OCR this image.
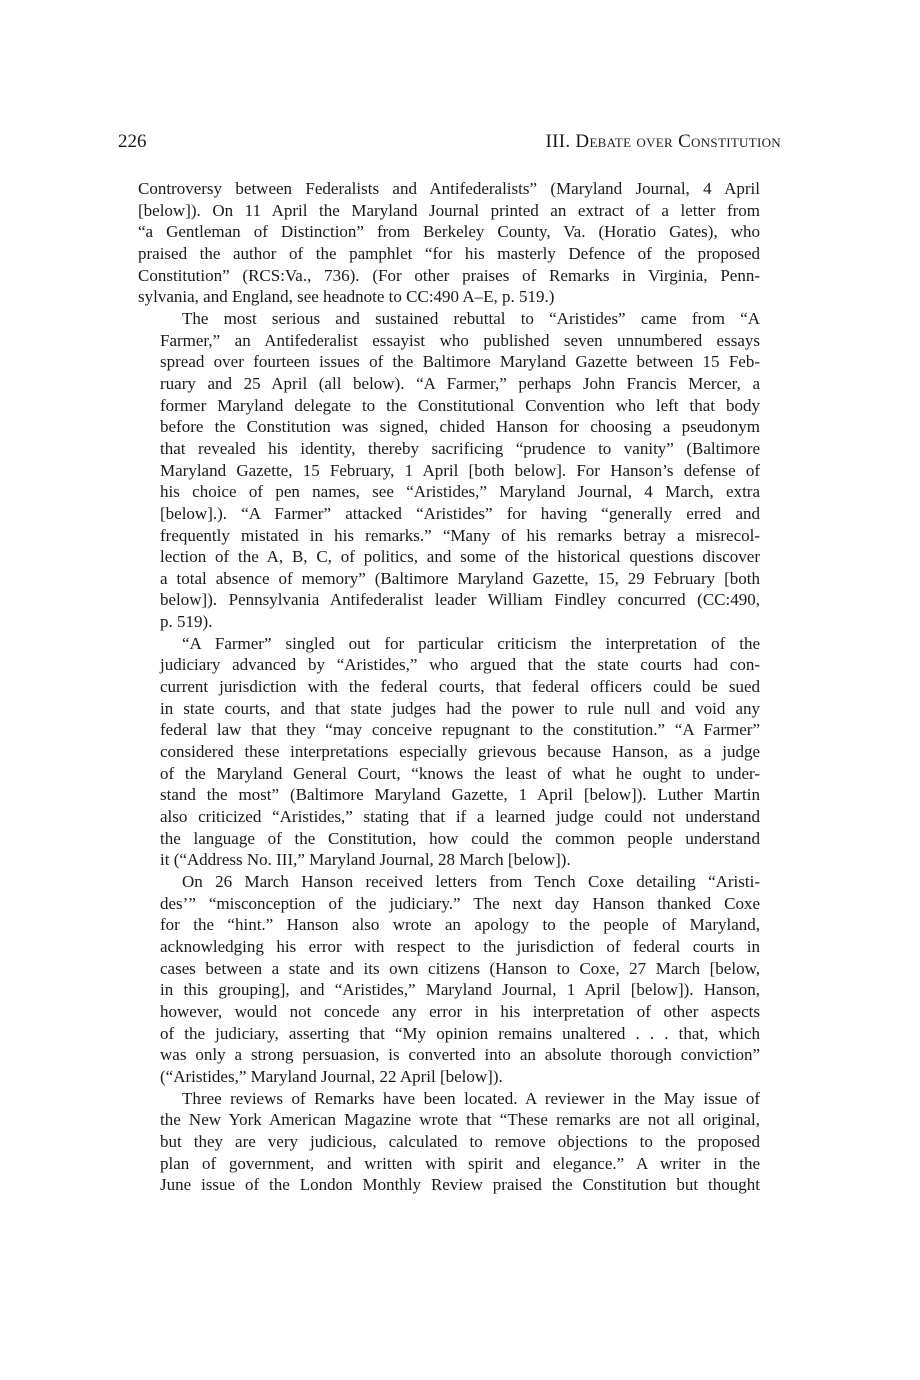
226	III. Debate over Constitution
Controversy between Federalists and Antifederalists” (Maryland Journal, 4 April
[below]). On 11 April the Maryland Journal printed an extract of a letter from
“a Gentleman of Distinction” from Berkeley County, Va. (Horatio Gates), who
praised the author of the pamphlet “for his masterly Defence of the proposed
Constitution” (RCS:Va., 736). (For other praises of Remarks in Virginia, Penn-
sylvania, and England, see headnote to CC:490 A–E, p. 519.)
The most serious and sustained rebuttal to “Aristides” came from “A
Farmer,” an Antifederalist essayist who published seven unnumbered essays
spread over fourteen issues of the Baltimore Maryland Gazette between 15 Feb-
ruary and 25 April (all below). “A Farmer,” perhaps John Francis Mercer, a
former Maryland delegate to the Constitutional Convention who left that body
before the Constitution was signed, chided Hanson for choosing a pseudonym
that revealed his identity, thereby sacrificing “prudence to vanity” (Baltimore
Maryland Gazette, 15 February, 1 April [both below]. For Hanson’s defense of
his choice of pen names, see “Aristides,” Maryland Journal, 4 March, extra
[below].). “A Farmer” attacked “Aristides” for having “generally erred and
frequently mistated in his remarks.” “Many of his remarks betray a misrecol-
lection of the A, B, C, of politics, and some of the historical questions discover
a total absence of memory” (Baltimore Maryland Gazette, 15, 29 February [both
below]). Pennsylvania Antifederalist leader William Findley concurred (CC:490,
p. 519).
“A Farmer” singled out for particular criticism the interpretation of the
judiciary advanced by “Aristides,” who argued that the state courts had con-
current jurisdiction with the federal courts, that federal officers could be sued
in state courts, and that state judges had the power to rule null and void any
federal law that they “may conceive repugnant to the constitution.” “A Farmer”
considered these interpretations especially grievous because Hanson, as a judge
of the Maryland General Court, “knows the least of what he ought to under-
stand the most” (Baltimore Maryland Gazette, 1 April [below]). Luther Martin
also criticized “Aristides,” stating that if a learned judge could not understand
the language of the Constitution, how could the common people understand
it (“Address No. III,” Maryland Journal, 28 March [below]).
On 26 March Hanson received letters from Tench Coxe detailing “Aristi-
des’” “misconception of the judiciary.” The next day Hanson thanked Coxe
for the “hint.” Hanson also wrote an apology to the people of Maryland,
acknowledging his error with respect to the jurisdiction of federal courts in
cases between a state and its own citizens (Hanson to Coxe, 27 March [below,
in this grouping], and “Aristides,” Maryland Journal, 1 April [below]). Hanson,
however, would not concede any error in his interpretation of other aspects
of the judiciary, asserting that “My opinion remains unaltered . . . that, which
was only a strong persuasion, is converted into an absolute thorough conviction”
(“Aristides,” Maryland Journal, 22 April [below]).
Three reviews of Remarks have been located. A reviewer in the May issue of
the New York American Magazine wrote that “These remarks are not all original,
but they are very judicious, calculated to remove objections to the proposed
plan of government, and written with spirit and elegance.” A writer in the
June issue of the London Monthly Review praised the Constitution but thought
